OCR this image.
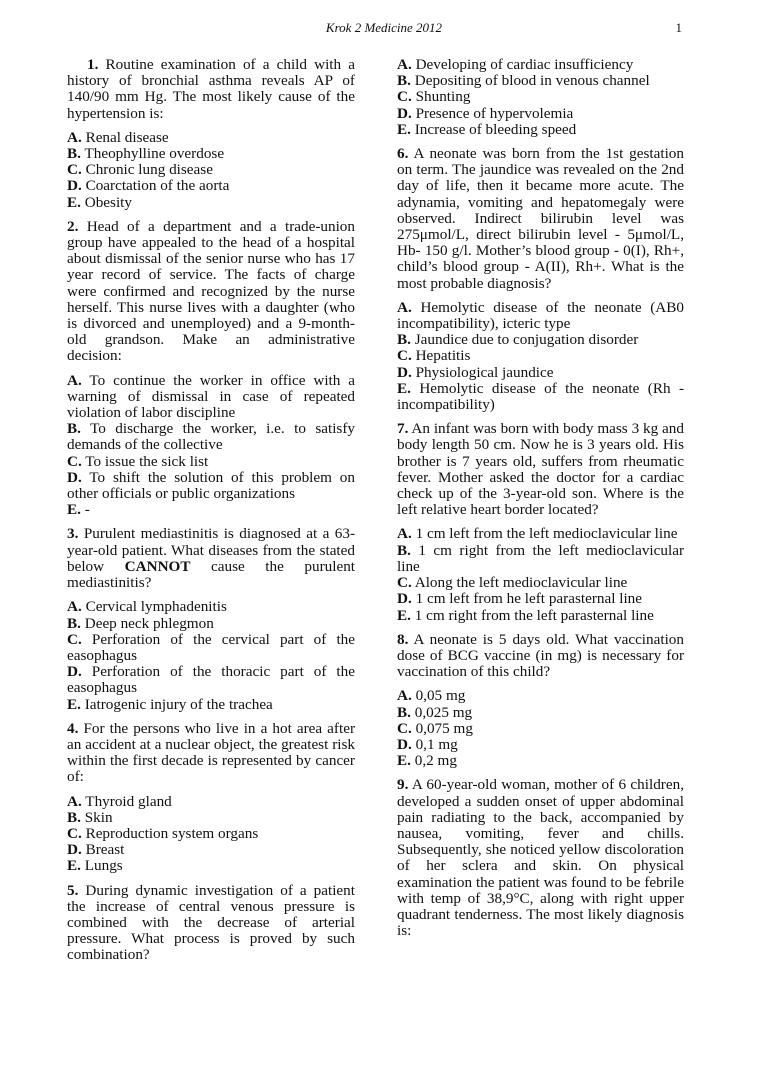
Krok 2 Medicine 2012	1
1. Routine examination of a child with a history of bronchial asthma reveals AP of 140/90 mm Hg. The most likely cause of the hypertension is:
A. Renal disease
B. Theophylline overdose
C. Chronic lung disease
D. Coarctation of the aorta
E. Obesity
2. Head of a department and a trade-union group have appealed to the head of a hospital about dismissal of the senior nurse who has 17 year record of service. The facts of charge were confirmed and recognized by the nurse herself. This nurse lives with a daughter (who is divorced and unemployed) and a 9-month-old grandson. Make an administrative decision:
A. To continue the worker in office with a warning of dismissal in case of repeated violation of labor discipline
B. To discharge the worker, i.e. to satisfy demands of the collective
C. To issue the sick list
D. To shift the solution of this problem on other officials or public organizations
E. -
3. Purulent mediastinitis is diagnosed at a 63-year-old patient. What diseases from the stated below CANNOT cause the purulent mediastinitis?
A. Cervical lymphadenitis
B. Deep neck phlegmon
C. Perforation of the cervical part of the easophagus
D. Perforation of the thoracic part of the easophagus
E. Iatrogenic injury of the trachea
4. For the persons who live in a hot area after an accident at a nuclear object, the greatest risk within the first decade is represented by cancer of:
A. Thyroid gland
B. Skin
C. Reproduction system organs
D. Breast
E. Lungs
5. During dynamic investigation of a patient the increase of central venous pressure is combined with the decrease of arterial pressure. What process is proved by such combination?
A. Developing of cardiac insufficiency
B. Depositing of blood in venous channel
C. Shunting
D. Presence of hypervolemia
E. Increase of bleeding speed
6. A neonate was born from the 1st gestation on term. The jaundice was revealed on the 2nd day of life, then it became more acute. The adynamia, vomiting and hepatomegaly were observed. Indirect bilirubin level was 275μmol/L, direct bilirubin level - 5μmol/L, Hb- 150 g/l. Mother’s blood group - 0(I), Rh+, child’s blood group - A(II), Rh+. What is the most probable diagnosis?
A. Hemolytic disease of the neonate (AB0 incompatibility), icteric type
B. Jaundice due to conjugation disorder
C. Hepatitis
D. Physiological jaundice
E. Hemolytic disease of the neonate (Rh - incompatibility)
7. An infant was born with body mass 3 kg and body length 50 cm. Now he is 3 years old. His brother is 7 years old, suffers from rheumatic fever. Mother asked the doctor for a cardiac check up of the 3-year-old son. Where is the left relative heart border located?
A. 1 cm left from the left medioclavicular line
B. 1 cm right from the left medioclavicular line
C. Along the left medioclavicular line
D. 1 cm left from he left parasternal line
E. 1 cm right from the left parasternal line
8. A neonate is 5 days old. What vaccination dose of BCG vaccine (in mg) is necessary for vaccination of this child?
A. 0,05 mg
B. 0,025 mg
C. 0,075 mg
D. 0,1 mg
E. 0,2 mg
9. A 60-year-old woman, mother of 6 children, developed a sudden onset of upper abdominal pain radiating to the back, accompanied by nausea, vomiting, fever and chills. Subsequently, she noticed yellow discoloration of her sclera and skin. On physical examination the patient was found to be febrile with temp of 38,9°C, along with right upper quadrant tenderness. The most likely diagnosis is:
